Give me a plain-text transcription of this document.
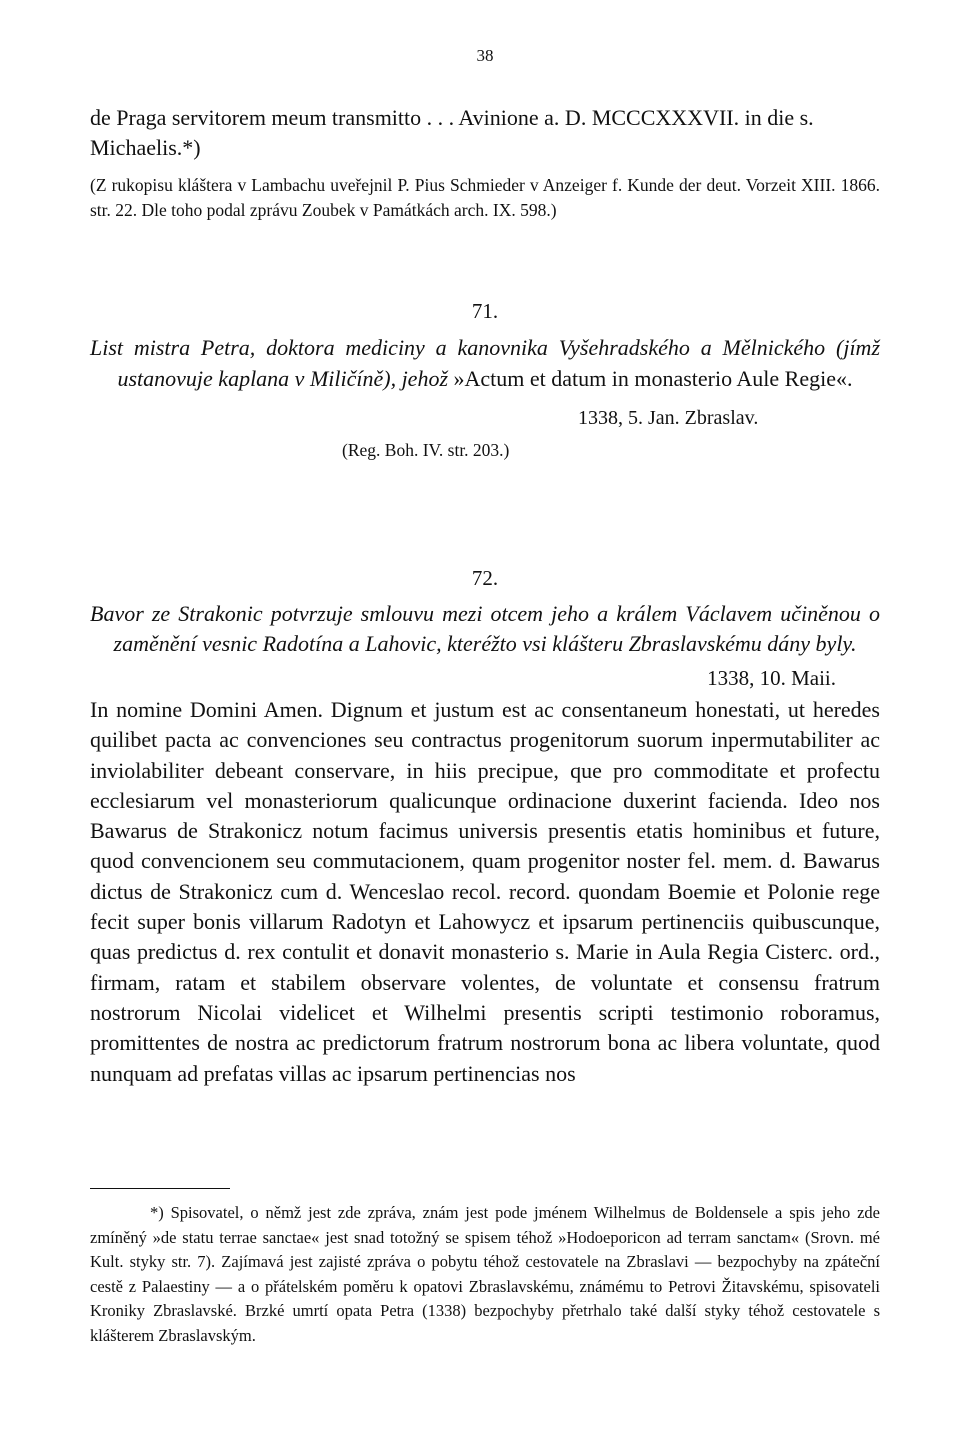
38
de Praga servitorem meum transmitto . . . Avinione a. D. MCCCXXXVII. in die s. Michaelis.*)
(Z rukopisu kláštera v Lambachu uveřejnil P. Pius Schmieder v Anzeiger f. Kunde der deut. Vorzeit XIII. 1866. str. 22. Dle toho podal zprávu Zoubek v Památkách arch. IX. 598.)
71.
List mistra Petra, doktora mediciny a kanovnika Vyšehradského a Mělnického (jímž ustanovuje kaplana v Miličíně), jehož »Actum et datum in monasterio Aule Regie«.
1338, 5. Jan. Zbraslav.
(Reg. Boh. IV. str. 203.)
72.
Bavor ze Strakonic potvrzuje smlouvu mezi otcem jeho a králem Václavem učiněnou o zaměnění vesnic Radotína a Lahovic, kteréžto vsi klášteru Zbraslavskému dány byly.
1338, 10. Maii.
In nomine Domini Amen. Dignum et justum est ac consentaneum honestati, ut heredes quilibet pacta ac convenciones seu contractus progenitorum suorum inpermutabiliter ac inviolabiliter debeant conservare, in hiis precipue, que pro commoditate et profectu ecclesiarum vel monasteriorum qualicunque ordinacione duxerint facienda. Ideo nos Bawarus de Strakonicz notum facimus universis presentis etatis hominibus et future, quod convencionem seu commutacionem, quam progenitor noster fel. mem. d. Bawarus dictus de Strakonicz cum d. Wenceslao recol. record. quondam Boemie et Polonie rege fecit super bonis villarum Radotyn et Lahowycz et ipsarum pertinenciis quibuscunque, quas predictus d. rex contulit et donavit monasterio s. Marie in Aula Regia Cisterc. ord., firmam, ratam et stabilem observare volentes, de voluntate et consensu fratrum nostrorum Nicolai videlicet et Wilhelmi presentis scripti testimonio roboramus, promittentes de nostra ac predictorum fratrum nostrorum bona ac libera voluntate, quod nunquam ad prefatas villas ac ipsarum pertinencias nos
*) Spisovatel, o němž jest zde zpráva, znám jest pode jménem Wilhelmus de Boldensele a spis jeho zde zmíněný »de statu terrae sanctae« jest snad totožný se spisem téhož »Hodoeporicon ad terram sanctam« (Srovn. mé Kult. styky str. 7). Zajímavá jest zajisté zpráva o pobytu téhož cestovatele na Zbraslavi — bezpochyby na zpáteční cestě z Palaestiny — a o přátelském poměru k opatovi Zbraslavskému, známému to Petrovi Žitavskému, spisovateli Kroniky Zbraslavské. Brzké umrtí opata Petra (1338) bezpochyby přetrhalo také další styky téhož cestovatele s klášterem Zbraslavským.
